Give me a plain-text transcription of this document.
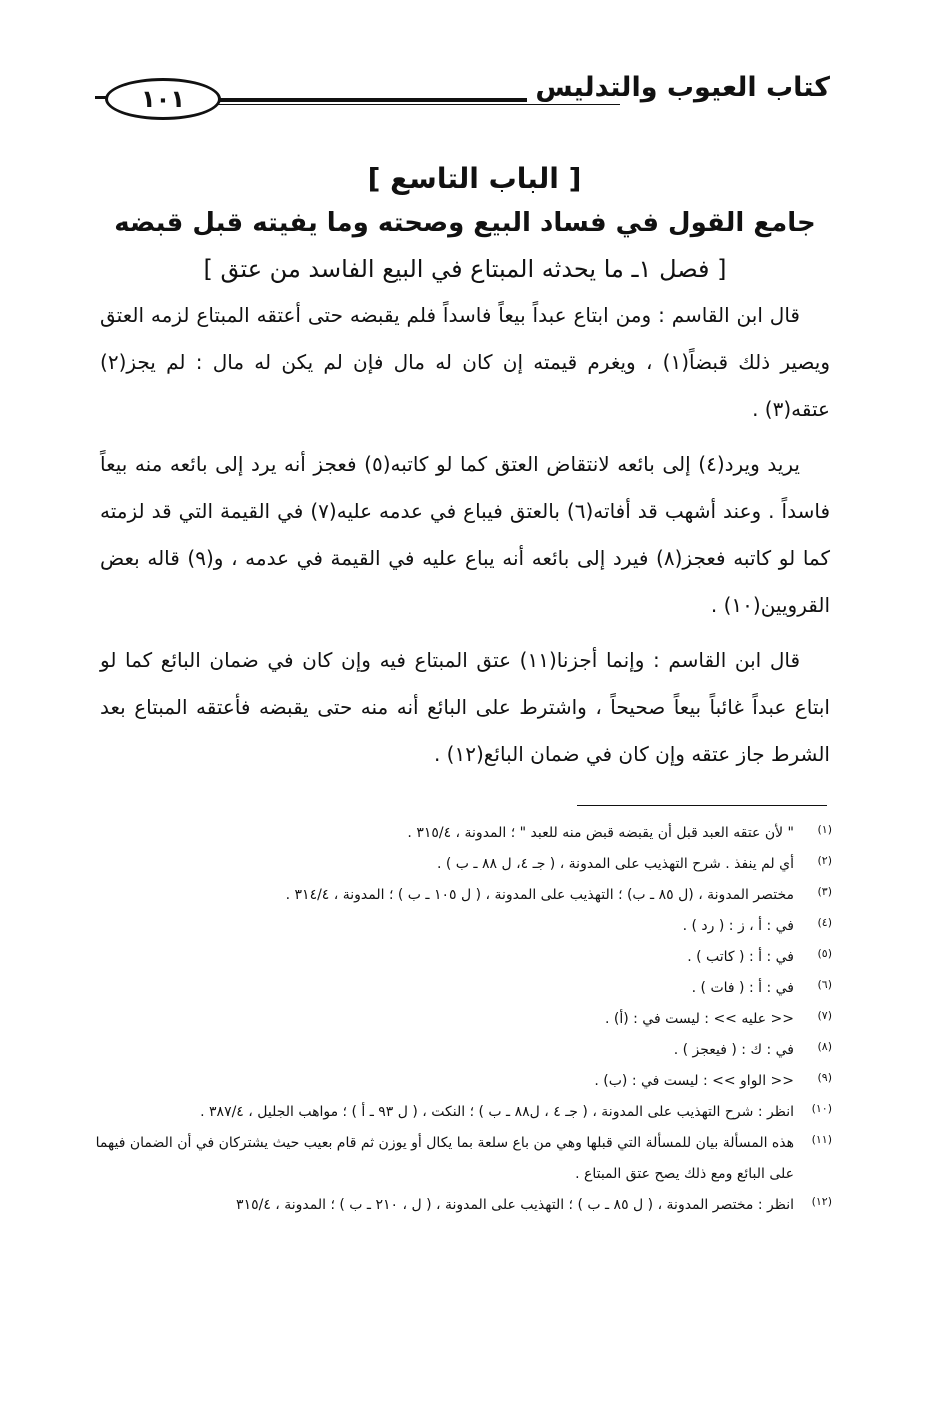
١٠١	كتاب العيوب والتدليس
[ الباب التاسع ]
جامع القول في فساد البيع وصحته وما يفيته قبل قبضه
[ فصل ١ـ ما يحدثه المبتاع في البيع الفاسد من عتق ]

قال ابن القاسم : ومن ابتاع عبداً بيعاً فاسداً فلم يقبضه حتى أعتقه المبتاع لزمه العتق ويصير ذلك قبضاً(١) ، ويغرم قيمته إن كان له مال فإن لم يكن له مال : لم يجز(٢) عتقه(٣) .

يريد ويرد(٤) إلى بائعه لانتقاض العتق كما لو كاتبه(٥) فعجز أنه يرد إلى بائعه منه بيعاً فاسداً . وعند أشهب قد أفاته(٦) بالعتق فيباع في عدمه عليه(٧) في القيمة التي قد لزمته كما لو كاتبه فعجز(٨) فيرد إلى بائعه أنه يباع عليه في القيمة في عدمه ، و(٩) قاله بعض القرويين(١٠) .

قال ابن القاسم : وإنما أجزنا(١١) عتق المبتاع فيه وإن كان في ضمان البائع كما لو ابتاع عبداً غائباً بيعاً صحيحاً ، واشترط على البائع أنه منه حتى يقبضه فأعتقه المبتاع بعد الشرط جاز عتقه وإن كان في ضمان البائع(١٢) .

(١)
" لأن عتقه العبد قبل أن يقبضه قبض منه للعبد " ؛ المدونة ، ٣١٥/٤ .
(٢)
أي لم ينفذ . شرح التهذيب على المدونة ، ( جـ ٤، ل ٨٨ ـ ب ) .
(٣)
مختصر المدونة ، (ل ٨٥ ـ ب) ؛ التهذيب على المدونة ، ( ل ١٠٥ ـ ب ) ؛ المدونة ، ٣١٤/٤ .
(٤)
في : أ ، ز : ( رد ) .
(٥)
في : أ : ( كاتب ) .
(٦)
في : أ : ( فات ) .
(٧)
<< عليه >> : ليست في : (أ) .
(٨)
في : ك : ( فيعجز ) .
(٩)
<< الواو >> : ليست في : (ب) .
(١٠)
انظر : شرح التهذيب على المدونة ، ( جـ ٤ ، ل٨٨ ـ ب ) ؛ النكت ، ( ل ٩٣ ـ أ ) ؛ مواهب الجليل ، ٣٨٧/٤ .
(١١)
هذه المسألة بيان للمسألة التي قبلها وهي من باع سلعة بما يكال أو يوزن ثم قام بعيب حيث يشتركان في أن الضمان فيهما على البائع ومع ذلك يصح عتق المبتاع .
(١٢)
انظر : مختصر المدونة ، ( ل ٨٥ ـ ب ) ؛ التهذيب على المدونة ، ( ل ، ٢١٠ ـ ب ) ؛ المدونة ، ٣١٥/٤
